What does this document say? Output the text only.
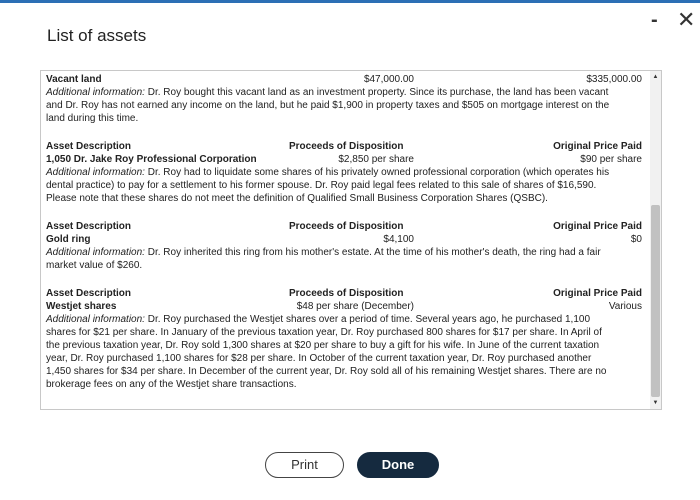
List of assets
- ✕
Vacant land	$47,000.00	$335,000.00
Additional information: Dr. Roy bought this vacant land as an investment property. Since its purchase, the land has been vacant
and Dr. Roy has not earned any income on the land, but he paid $1,900 in property taxes and $505 on mortgage interest on the
land during this time.
Asset Description	Proceeds of Disposition	Original Price Paid
1,050 Dr. Jake Roy Professional Corporation	$2,850 per share	$90 per share
Additional information: Dr. Roy had to liquidate some shares of his privately owned professional corporation (which operates his
dental practice) to pay for a settlement to his former spouse. Dr. Roy paid legal fees related to this sale of shares of $16,590.
Please note that these shares do not meet the definition of Qualified Small Business Corporation Shares (QSBC).
Asset Description	Proceeds of Disposition	Original Price Paid
Gold ring	$4,100	$0
Additional information: Dr. Roy inherited this ring from his mother's estate. At the time of his mother's death, the ring had a fair
market value of $260.
Asset Description	Proceeds of Disposition	Original Price Paid
Westjet shares	$48 per share (December)	Various
Additional information: Dr. Roy purchased the Westjet shares over a period of time. Several years ago, he purchased 1,100
shares for $21 per share. In January of the previous taxation year, Dr. Roy purchased 800 shares for $17 per share. In April of
the previous taxation year, Dr. Roy sold 1,300 shares at $20 per share to buy a gift for his wife. In June of the current taxation
year, Dr. Roy purchased 1,100 shares for $28 per share. In October of the current taxation year, Dr. Roy purchased another
1,450 shares for $34 per share. In December of the current year, Dr. Roy sold all of his remaining Westjet shares. There are no
brokerage fees on any of the Westjet share transactions.
▲
▼
Print	Done
